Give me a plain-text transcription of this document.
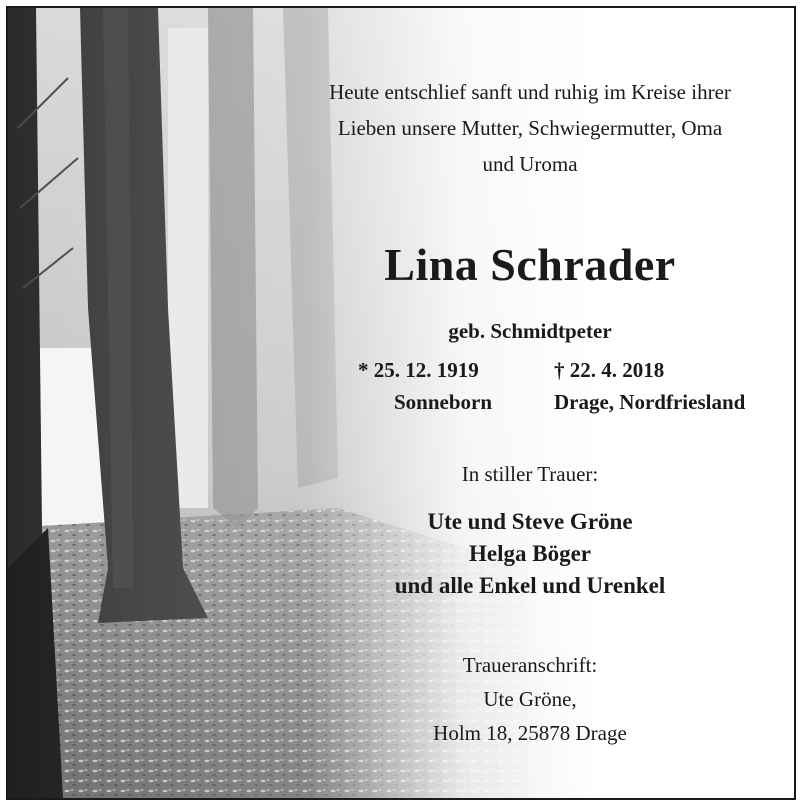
Heute entschlief sanft und ruhig im Kreise ihrer
Lieben unsere Mutter, Schwiegermutter, Oma
und Uroma
Lina Schrader
geb. Schmidtpeter
* 25. 12. 1919	† 22. 4. 2018
Sonneborn	Drage, Nordfriesland
In stiller Trauer:
Ute und Steve Gröne
Helga Böger
und alle Enkel und Urenkel
Traueranschrift:
Ute Gröne,
Holm 18, 25878 Drage
